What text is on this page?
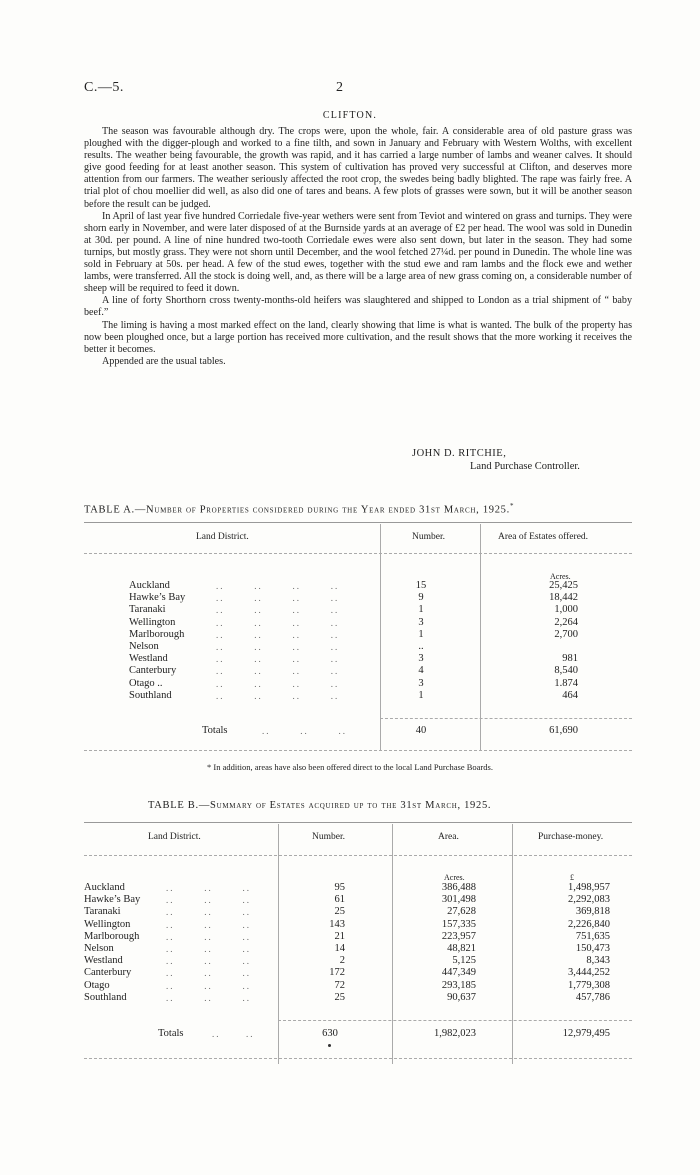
C.—5.	2
CLIFTON.

The season was favourable although dry. The crops were, upon the whole, fair. A considerable area of old pasture grass was ploughed with the digger-plough and worked to a fine tilth, and sown in January and February with Western Wolths, with excellent results. The weather being favourable, the growth was rapid, and it has carried a large number of lambs and weaner calves. It should give good feeding for at least another season. This system of cultivation has proved very successful at Clifton, and deserves more attention from our farmers. The weather seriously affected the root crop, the swedes being badly blighted. The rape was fairly free. A trial plot of chou moellier did well, as also did one of tares and beans. A few plots of grasses were sown, but it will be another season before the result can be judged.

In April of last year five hundred Corriedale five-year wethers were sent from Teviot and wintered on grass and turnips. They were shorn early in November, and were later disposed of at the Burnside yards at an average of £2 per head. The wool was sold in Dunedin at 30d. per pound. A line of nine hundred two-tooth Corriedale ewes were also sent down, but later in the season. They had some turnips, but mostly grass. They were not shorn until December, and the wool fetched 27¼d. per pound in Dunedin. The whole line was sold in February at 50s. per head. A few of the stud ewes, together with the stud ewe and ram lambs and the flock ewe and wether lambs, were transferred. All the stock is doing well, and, as there will be a large area of new grass coming on, a considerable number of sheep will be required to feed it down.

A line of forty Shorthorn cross twenty-months-old heifers was slaughtered and shipped to London as a trial shipment of “ baby beef.”

The liming is having a most marked effect on the land, clearly showing that lime is what is wanted. The bulk of the property has now been ploughed once, but a large portion has received more cultivation, and the result shows that the more working it receives the better it becomes.

Appended are the usual tables.

JOHN D. RITCHIE,
Land Purchase Controller.
TABLE A.—Number of Properties considered during the Year ended 31st March, 1925.*
Land District.	Number.	Area of Estates offered.
Acres.
Auckland	..       ..       ..       ..	15	25,425
Hawke’s Bay	..       ..       ..       ..	9	18,442
Taranaki	..       ..       ..       ..	1	1,000
Wellington	..       ..       ..       ..	3	2,264
Marlborough	..       ..       ..       ..	1	2,700
Nelson	..       ..       ..       ..	..
Westland	..       ..       ..       ..	3	981
Canterbury	..       ..       ..       ..	4	8,540
Otago ..	..       ..       ..       ..	3	1.874
Southland	..       ..       ..       ..	1	464
Totals	..       ..       ..	40	61,690
* In addition, areas have also been offered direct to the local Land Purchase Boards.
TABLE B.—Summary of Estates acquired up to the 31st March, 1925.
Land District.	Number.	Area.	Purchase-money.
Acres.	£
Auckland	..       ..       ..	95	386,488	1,498,957
Hawke’s Bay	..       ..       ..	61	301,498	2,292,083
Taranaki	..       ..       ..	25	27,628	369,818
Wellington	..       ..       ..	143	157,335	2,226,840
Marlborough	..       ..       ..	21	223,957	751,635
Nelson	..       ..       ..	14	48,821	150,473
Westland	..       ..       ..	2	5,125	8,343
Canterbury	..       ..       ..	172	447,349	3,444,252
Otago	..       ..       ..	72	293,185	1,779,308
Southland	..       ..       ..	25	90,637	457,786
Totals	..      ..	630	1,982,023	12,979,495
